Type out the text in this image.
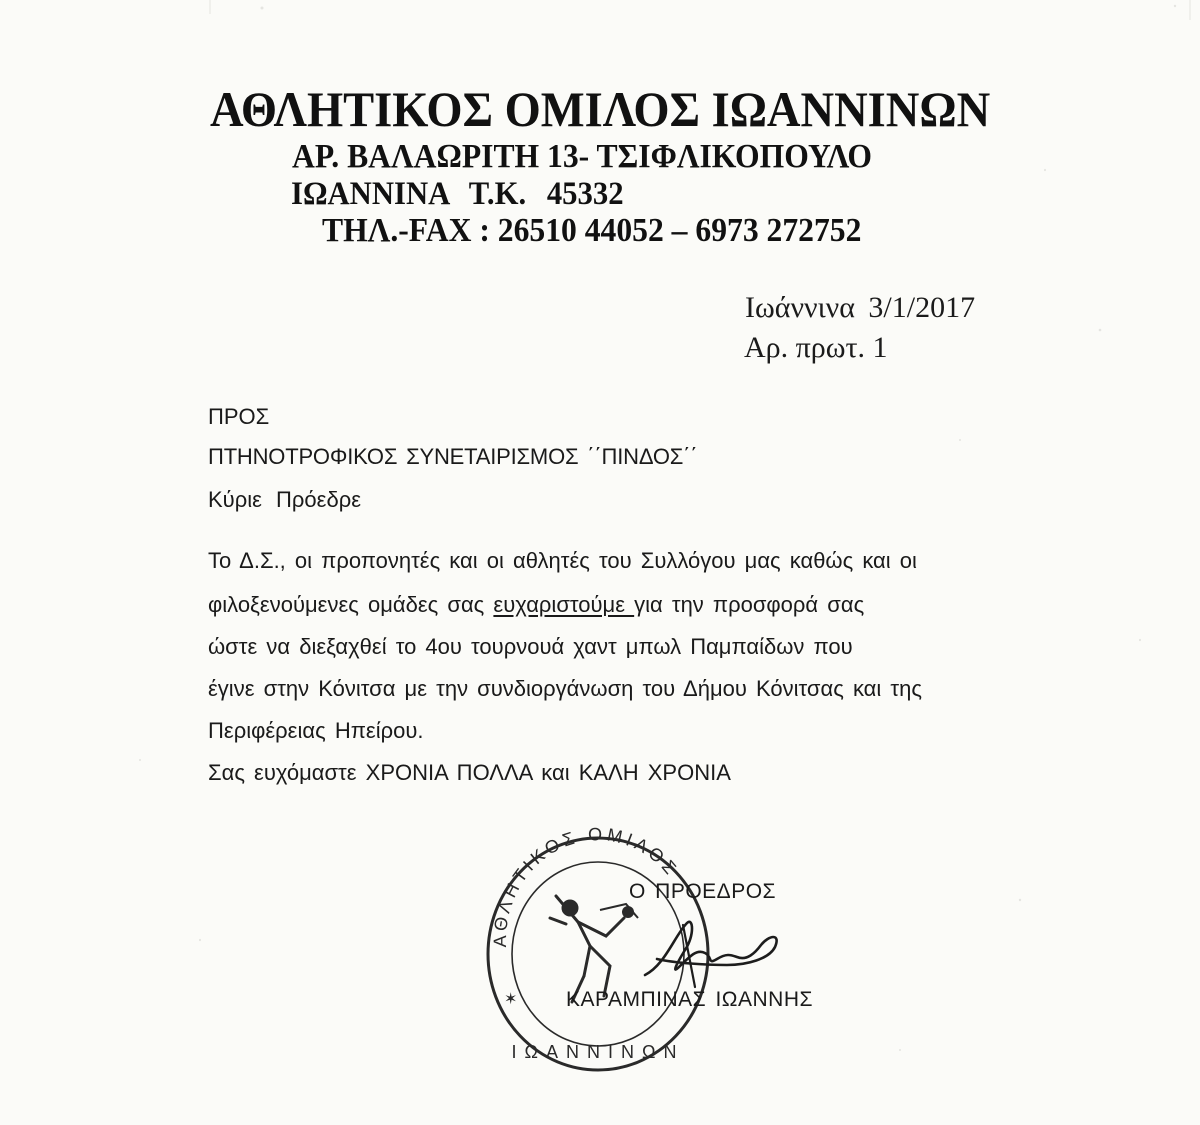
ΑΘΛΗΤΙΚΟΣ ΟΜΙΛΟΣ ΙΩΑΝΝΙΝΩΝ
ΑΡ. ΒΑΛΑΩΡΙΤΗ 13- ΤΣΙΦΛΙΚΟΠΟΥΛΟ
ΙΩΑΝΝΙΝΑ Τ.Κ. 45332
ΤΗΛ.-FAX : 26510 44052 – 6973 272752
Ιωάννινα 3/1/2017
Αρ. πρωτ. 1
ΠΡΟΣ
ΠΤΗΝΟΤΡΟΦΙΚΟΣ ΣΥΝΕΤΑΙΡΙΣΜΟΣ ΄΄ΠΙΝΔΟΣ΄΄
Κύριε Πρόεδρε
Το Δ.Σ., οι προπονητές και οι αθλητές του Συλλόγου μας καθώς και οι
φιλοξενούμενες ομάδες σας ευχαριστούμε για την προσφορά σας
ώστε να διεξαχθεί το 4ου τουρνουά χαντ μπωλ Παμπαίδων που
έγινε στην Κόνιτσα με την συνδιοργάνωση του Δήμου Κόνιτσας και της
Περιφέρειας Ηπείρου.
Σας ευχόμαστε ΧΡΟΝΙΑ ΠΟΛΛΑ και ΚΑΛΗ ΧΡΟΝΙΑ
ΑΘΛΗΤΙΚΟΣ ΟΜΙΛΟΣ
ΙΩΑΝΝΙΝΩΝ
✶
Ο ΠΡΟΕΔΡΟΣ
ΚΑΡΑΜΠΙΝΑΣ ΙΩΑΝΝΗΣ
